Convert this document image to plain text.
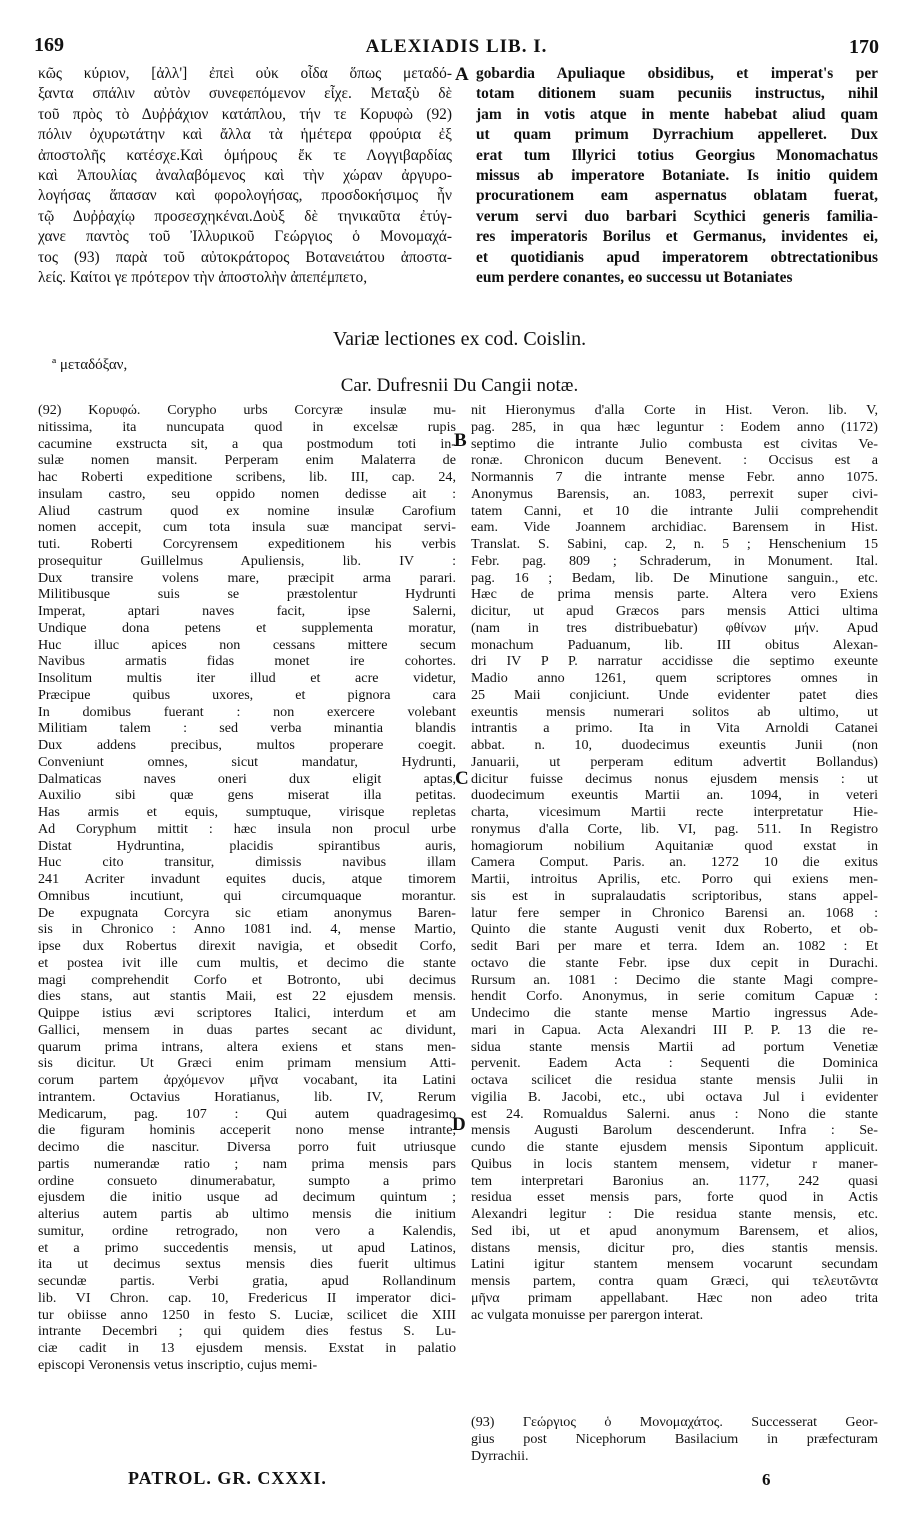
169	ALEXIADIS LIB. I.	170
κῶς κύριον, [ἀλλ'] ἐπεὶ οὐκ οἶδα ὅπως μεταδό-
ξαντα σπάλιν αὐτὸν συνεφεπόμενον εἶχε. Μεταξὺ δὲ
τοῦ πρὸς τὸ Δυῤῥάχιον κατάπλου, τήν τε Κορυφὼ (92)
πόλιν ὀχυρωτάτην καὶ ἄλλα τὰ ἡμέτερα φρούρια ἐξ
ἀποστολῆς κατέσχε.Καὶ ὁμήρους ἔκ τε Λογγιβαρδίας
καὶ Ἀπουλίας ἀναλαβόμενος καὶ τὴν χώραν ἀργυρο-
λογήσας ἅπασαν καὶ φορολογήσας, προσδοκήσιμος ἦν
τῷ Δυῤῥαχίῳ προσεσχηκέναι.Δοὺξ δὲ τηνικαῦτα ἐτύγ-
χανε παντὸς τοῦ Ἰλλυρικοῦ Γεώργιος ὁ Μονομαχά-
τος (93) παρὰ τοῦ αὐτοκράτορος Βοτανειάτου ἀποστα-
λείς. Καίτοι γε πρότερον τὴν ἀποστολὴν ἀπεπέμπετο,
gobardia Apuliaque obsidibus, et imperat's per
totam ditionem suam pecuniis instructus, nihil
jam in votis atque in mente habebat aliud quam
ut quam primum Dyrrachium appelleret. Dux
erat tum Illyrici totius Georgius Monomachatus
missus ab imperatore Botaniate. Is initio quidem
procurationem eam aspernatus oblatam fuerat,
verum servi duo barbari Scythici generis familia-
res imperatoris Borilus et Germanus, invidentes ei,
et quotidianis apud imperatorem obtrectationibus
eum perdere conantes, eo successu ut Botaniates
A
B
C
D
Variæ lectiones ex cod. Coislin.
ª μεταδόξαν,
Car. Dufresnii Du Cangii notæ.
(92) Κορυφώ. Corypho urbs Corcyræ insulæ mu-
nitissima, ita nuncupata quod in excelsæ rupis
cacumine exstructa sit, a qua postmodum toti in-
sulæ nomen mansit. Perperam enim Malaterra de
hac Roberti expeditione scribens, lib. III, cap. 24,
insulam castro, seu oppido nomen dedisse ait :
Aliud castrum quod ex nomine insulæ Carofium
nomen accepit, cum tota insula suæ mancipat servi-
tuti. Roberti Corcyrensem expeditionem his verbis
prosequitur Guillelmus Apuliensis, lib. IV :
Dux transire volens mare, præcipit arma parari.
Militibusque suis se præstolentur Hydrunti
Imperat, aptari naves facit, ipse Salerni,
Undique dona petens et supplementa moratur,
Huc illuc apices non cessans mittere secum
Navibus armatis fidas monet ire cohortes.
Insolitum multis iter illud et acre videtur,
Præcipue quibus uxores, et pignora cara
In domibus fuerant : non exercere volebant
Militiam talem : sed verba minantia blandis
Dux addens precibus, multos properare coegit.
Conveniunt omnes, sicut mandatur, Hydrunti,
Dalmaticas naves oneri dux eligit aptas,
Auxilio sibi quæ gens miserat illa petitas.
Has armis et equis, sumptuque, virisque repletas
Ad Coryphum mittit : hæc insula non procul urbe
Distat Hydruntina, placidis spirantibus auris,
Huc cito transitur, dimissis navibus illam
241 Acriter invadunt equites ducis, atque timorem
Omnibus incutiunt, qui circumquaque morantur.
De expugnata Corcyra sic etiam anonymus Baren-
sis in Chronico : Anno 1081 ind. 4, mense Martio,
ipse dux Robertus direxit navigia, et obsedit Corfo,
et postea ivit ille cum multis, et decimo die stante
magi comprehendit Corfo et Botronto, ubi decimus
dies stans, aut stantis Maii, est 22 ejusdem mensis.
Quippe istius ævi scriptores Italici, interdum et am
Gallici, mensem in duas partes secant ac dividunt,
quarum prima intrans, altera exiens et stans men-
sis dicitur. Ut Græci enim primam mensium Atti-
corum partem ἀρχόμενον μῆνα vocabant, ita Latini
intrantem. Octavius Horatianus, lib. IV, Rerum
Medicarum, pag. 107 : Qui autem quadragesimo
die figuram hominis acceperit nono mense intrante,
decimo die nascitur. Diversa porro fuit utriusque
partis numerandæ ratio ; nam prima mensis pars
ordine consueto dinumerabatur, sumpto a primo
ejusdem die initio usque ad decimum quintum ;
alterius autem partis ab ultimo mensis die initium
sumitur, ordine retrogrado, non vero a Kalendis,
et a primo succedentis mensis, ut apud Latinos,
ita ut decimus sextus mensis dies fuerit ultimus
secundæ partis. Verbi gratia, apud Rollandinum
lib. VI Chron. cap. 10, Fredericus II imperator dici-
tur obiisse anno 1250 in festo S. Luciæ, scilicet die XIII
intrante Decembri ; qui quidem dies festus S. Lu-
ciæ cadit in 13 ejusdem mensis. Exstat in palatio
episcopi Veronensis vetus inscriptio, cujus memi-
nit Hieronymus d'alla Corte in Hist. Veron. lib. V,
pag. 285, in qua hæc leguntur : Eodem anno (1172)
septimo die intrante Julio combusta est civitas Ve-
ronæ. Chronicon ducum Benevent. : Occisus est a
Normannis 7 die intrante mense Febr. anno 1075.
Anonymus Barensis, an. 1083, perrexit super civi-
tatem Canni, et 10 die intrante Julii comprehendit
eam. Vide Joannem archidiac. Barensem in Hist.
Translat. S. Sabini, cap. 2, n. 5 ; Henschenium 15
Febr. pag. 809 ; Schraderum, in Monument. Ital.
pag. 16 ; Bedam, lib. De Minutione sanguin., etc.
Hæc de prima mensis parte. Altera vero Exiens
dicitur, ut apud Græcos pars mensis Attici ultima
(nam in tres distribuebatur) φθίνων μήν. Apud
monachum Paduanum, lib. III obitus Alexan-
dri IV P P. narratur accidisse die septimo exeunte
Madio anno 1261, quem scriptores omnes in
25 Maii conjiciunt. Unde evidenter patet dies
exeuntis mensis numerari solitos ab ultimo, ut
intrantis a primo. Ita in Vita Arnoldi Catanei
abbat. n. 10, duodecimus exeuntis Junii (non
Januarii, ut perperam editum advertit Bollandus)
dicitur fuisse decimus nonus ejusdem mensis : ut
duodecimum exeuntis Martii an. 1094, in veteri
charta, vicesimum Martii recte interpretatur Hie-
ronymus d'alla Corte, lib. VI, pag. 511. In Registro
homagiorum nobilium Aquitaniæ quod exstat in
Camera Comput. Paris. an. 1272 10 die exitus
Martii, introitus Aprilis, etc. Porro qui exiens men-
sis est in supralaudatis scriptoribus, stans appel-
latur fere semper in Chronico Barensi an. 1068 :
Quinto die stante Augusti venit dux Roberto, et ob-
sedit Bari per mare et terra. Idem an. 1082 : Et
octavo die stante Febr. ipse dux cepit in Durachi.
Rursum an. 1081 : Decimo die stante Magi compre-
hendit Corfo. Anonymus, in serie comitum Capuæ :
Undecimo die stante mense Martio ingressus Ade-
mari in Capua. Acta Alexandri III P. P. 13 die re-
sidua stante mensis Martii ad portum Venetiæ
pervenit. Eadem Acta : Sequenti die Dominica
octava scilicet die residua stante mensis Julii in
vigilia B. Jacobi, etc., ubi octava Jul i evidenter
est 24. Romualdus Salerni. anus : Nono die stante
mensis Augusti Barolum descenderunt. Infra : Se-
cundo die stante ejusdem mensis Sipontum applicuit.
Quibus in locis stantem mensem, videtur r maner-
tem interpretari Baronius an. 1177, 242 quasi
residua esset mensis pars, forte quod in Actis
Alexandri legitur : Die residua stante mensis, etc.
Sed ibi, ut et apud anonymum Barensem, et alios,
distans mensis, dicitur pro, dies stantis mensis.
Latini igitur stantem mensem vocarunt secundam
mensis partem, contra quam Græci, qui τελευτῶντα
μῆνα primam appellabant. Hæc non adeo trita
ac vulgata monuisse per parergon interat.
(93) Γεώργιος ὁ Μονομαχάτος. Successerat Geor-
gius post Nicephorum Basilacium in præfecturam
Dyrrachii.
PATROL. GR. CXXXI.	6
